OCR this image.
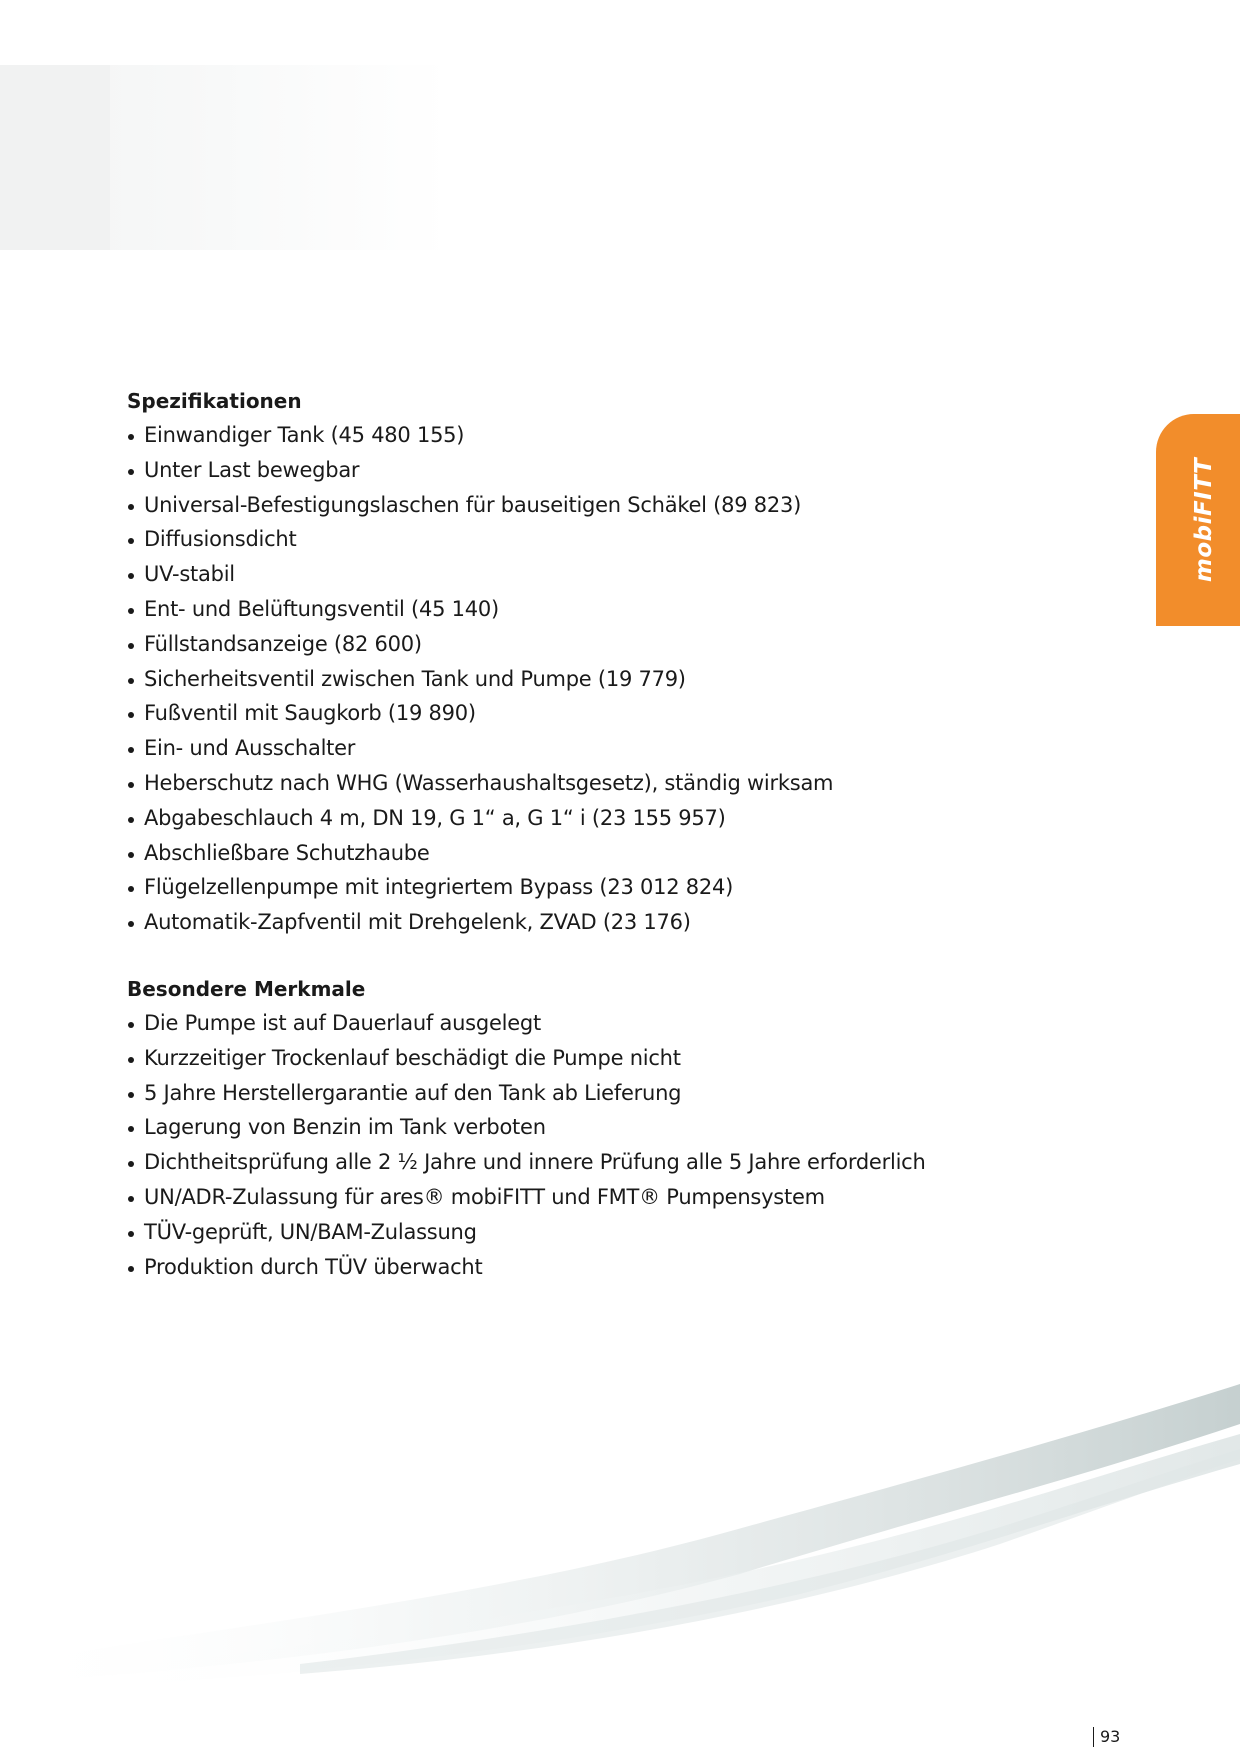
mobiFITT
Spezifikationen
Einwandiger Tank (45 480 155)
Unter Last bewegbar
Universal-Befestigungslaschen für bauseitigen Schäkel (89 823)
Diffusionsdicht
UV-stabil
Ent- und Belüftungsventil (45 140)
Füllstandsanzeige (82 600)
Sicherheitsventil zwischen Tank und Pumpe (19 779)
Fußventil mit Saugkorb (19 890)
Ein- und Ausschalter
Heberschutz nach WHG (Wasserhaushaltsgesetz), ständig wirksam
Abgabeschlauch 4 m, DN 19, G 1“ a, G 1“ i (23 155 957)
Abschließbare Schutzhaube
Flügelzellenpumpe mit integriertem Bypass (23 012 824)
Automatik-Zapfventil mit Drehgelenk, ZVAD (23 176)
Besondere Merkmale
Die Pumpe ist auf Dauerlauf ausgelegt
Kurzzeitiger Trockenlauf beschädigt die Pumpe nicht
5 Jahre Herstellergarantie auf den Tank ab Lieferung
Lagerung von Benzin im Tank verboten
Dichtheitsprüfung alle 2 ½ Jahre und innere Prüfung alle 5 Jahre erforderlich
UN/ADR-Zulassung für ares® mobiFITT und FMT® Pumpensystem
TÜV-geprüft, UN/BAM-Zulassung
Produktion durch TÜV überwacht
93
